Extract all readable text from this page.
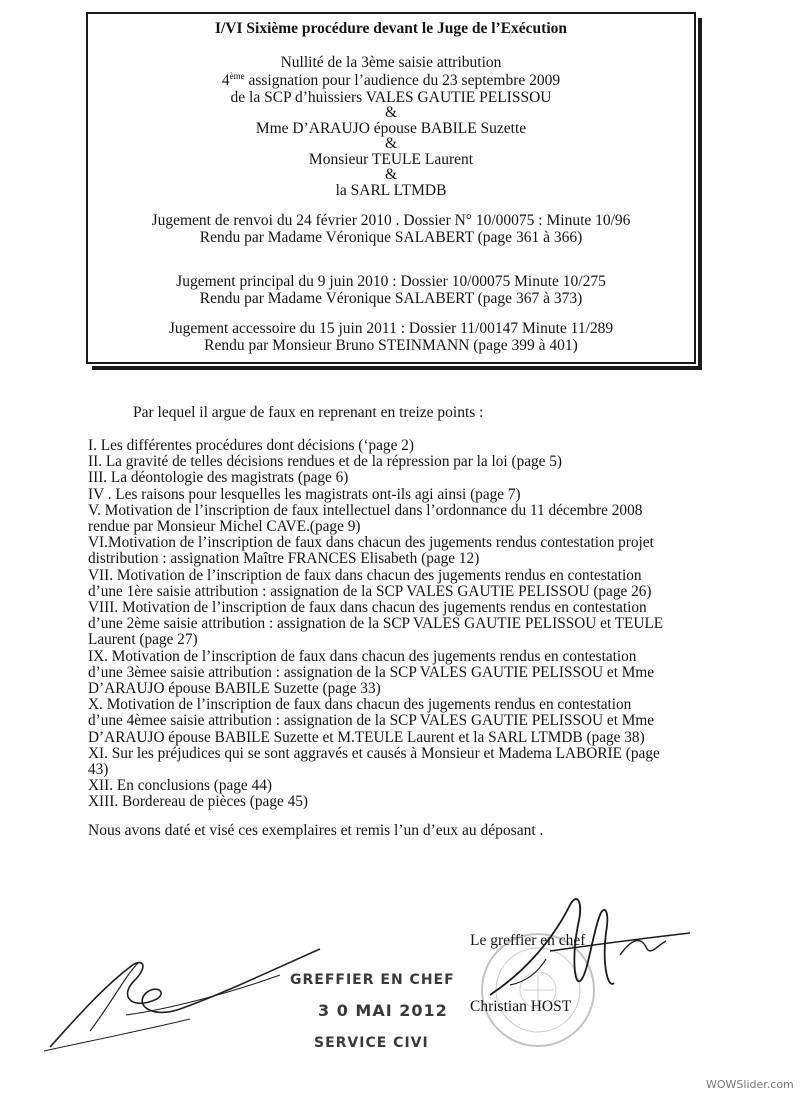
I/VI Sixième procédure devant le Juge de l’Exécution
Nullité de la 3ème saisie attribution
4ème assignation pour l’audience du 23 septembre 2009
de la SCP d’huissiers VALES GAUTIE PELISSOU
&
Mme D’ARAUJO épouse BABILE Suzette
&
Monsieur TEULE Laurent
&
la SARL LTMDB
Jugement de renvoi du 24 février 2010 . Dossier N° 10/00075 : Minute 10/96
Rendu par Madame Véronique SALABERT (page 361 à 366)
Jugement principal du 9 juin 2010 : Dossier 10/00075 Minute 10/275
Rendu par Madame Véronique SALABERT (page 367 à 373)
Jugement accessoire du 15 juin 2011 : Dossier 11/00147 Minute 11/289
Rendu par Monsieur Bruno STEINMANN (page 399 à 401)
Par lequel il argue de faux en reprenant en treize points :
I. Les différentes procédures dont décisions (‘page 2)
II. La gravité de telles décisions rendues et de la répression par la loi (page 5)
III. La déontologie des magistrats (page 6)
IV . Les raisons pour lesquelles les magistrats ont-ils agi ainsi (page 7)
V. Motivation de l’inscription de faux intellectuel dans l’ordonnance du 11 décembre 2008
rendue par Monsieur Michel CAVE.(page 9)
VI.Motivation de l’inscription de faux dans chacun des jugements rendus contestation projet
distribution : assignation Maître FRANCES Elisabeth (page 12)
VII. Motivation de l’inscription de faux dans chacun des jugements rendus en contestation
d’une 1ère saisie attribution : assignation de la SCP VALES GAUTIE PELISSOU (page 26)
VIII. Motivation de l’inscription de faux dans chacun des jugements rendus en contestation
d’une 2ème saisie attribution : assignation de la SCP VALES GAUTIE PELISSOU et TEULE
Laurent (page 27)
IX. Motivation de l’inscription de faux dans chacun des jugements rendus en contestation
d’une 3èmee saisie attribution : assignation de la SCP VALES GAUTIE PELISSOU et Mme
D’ARAUJO épouse BABILE Suzette (page 33)
X. Motivation de l’inscription de faux dans chacun des jugements rendus en contestation
d’une 4èmee saisie attribution : assignation de la SCP VALES GAUTIE PELISSOU et Mme
D’ARAUJO épouse BABILE Suzette et M.TEULE Laurent et la SARL LTMDB (page 38)
XI. Sur les préjudices qui se sont aggravés et causés à Monsieur et Madema LABORIE (page
43)
XII. En conclusions (page 44)
XIII. Bordereau de pièces (page 45)
Nous avons daté et visé ces exemplaires et remis l’un d’eux au déposant .
GREFFIER EN CHEF
3 0 MAI 2012
SERVICE CIVI
Le greffier en chef
Christian HOST
WOWSlider.com
